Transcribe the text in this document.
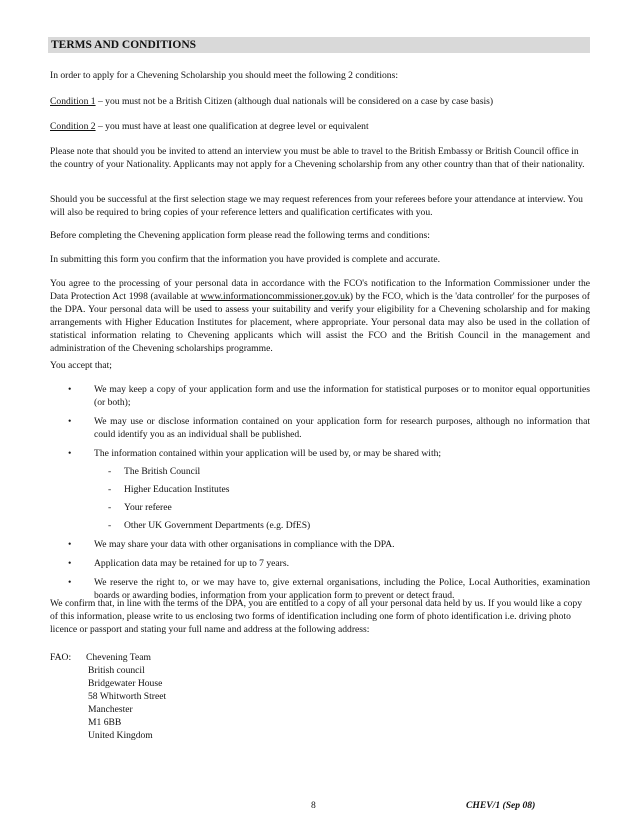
TERMS AND CONDITIONS

In order to apply for a Chevening Scholarship you should meet the following 2 conditions:

Condition 1 – you must not be a British Citizen (although dual nationals will be considered on a case by case basis)

Condition 2 – you must have at least one qualification at degree level or equivalent

Please note that should you be invited to attend an interview you must be able to travel to the British Embassy or British Council office in the country of your Nationality. Applicants may not apply for a Chevening scholarship from any other country than that of their nationality.

Should you be successful at the first selection stage we may request references from your referees before your attendance at interview. You will also be required to bring copies of your reference letters and qualification certificates with you.

Before completing the Chevening application form please read the following terms and conditions:

In submitting this form you confirm that the information you have provided is complete and accurate.

You agree to the processing of your personal data in accordance with the FCO's notification to the Information Commissioner under the Data Protection Act 1998 (available at www.informationcommissioner.gov.uk) by the FCO, which is the 'data controller' for the purposes of the DPA. Your personal data will be used to assess your suitability and verify your eligibility for a Chevening scholarship and for making arrangements with Higher Education Institutes for placement, where appropriate. Your personal data may also be used in the collation of statistical information relating to Chevening applicants which will assist the FCO and the British Council in the management and administration of the Chevening scholarships programme.

You accept that;

• We may keep a copy of your application form and use the information for statistical purposes or to monitor equal opportunities (or both);
• We may use or disclose information contained on your application form for research purposes, although no information that could identify you as an individual shall be published.
• The information contained within your application will be used by, or may be shared with;
- The British Council
- Higher Education Institutes
- Your referee
- Other UK Government Departments (e.g. DfES)
• We may share your data with other organisations in compliance with the DPA.
• Application data may be retained for up to 7 years.
• We reserve the right to, or we may have to, give external organisations, including the Police, Local Authorities, examination boards or awarding bodies, information from your application form to prevent or detect fraud.

We confirm that, in line with the terms of the DPA, you are entitled to a copy of all your personal data held by us. If you would like a copy of this information, please write to us enclosing two forms of identification including one form of photo identification i.e. driving photo licence or passport and stating your full name and address at the following address:

FAO: Chevening Team
British council
Bridgewater House
58 Whitworth Street
Manchester
M1 6BB
United Kingdom
8	CHEV/1 (Sep 08)
